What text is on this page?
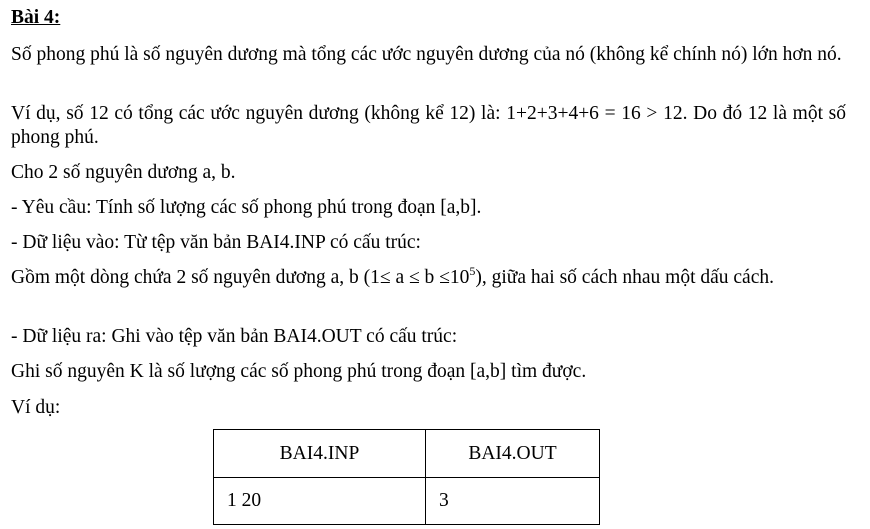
Bài 4:
Số phong phú là số nguyên dương mà tổng các ước nguyên dương của nó (không kể chính nó) lớn hơn nó.
Ví dụ, số 12 có tổng các ước nguyên dương (không kể 12) là: 1+2+3+4+6 = 16 > 12. Do đó 12 là một số phong phú.
Cho 2 số nguyên dương a, b.
- Yêu cầu: Tính số lượng các số phong phú trong đoạn [a,b].
- Dữ liệu vào: Từ tệp văn bản BAI4.INP có cấu trúc:
Gồm một dòng chứa 2 số nguyên dương a, b $(1\le a \le b \le 10^5)$, giữa hai số cách nhau một dấu cách.
- Dữ liệu ra: Ghi vào tệp văn bản BAI4.OUT có cấu trúc:
Ghi số nguyên K là số lượng các số phong phú trong đoạn [a,b] tìm được.
Ví dụ:
BAI4.INP	BAI4.OUT
1 20	3
